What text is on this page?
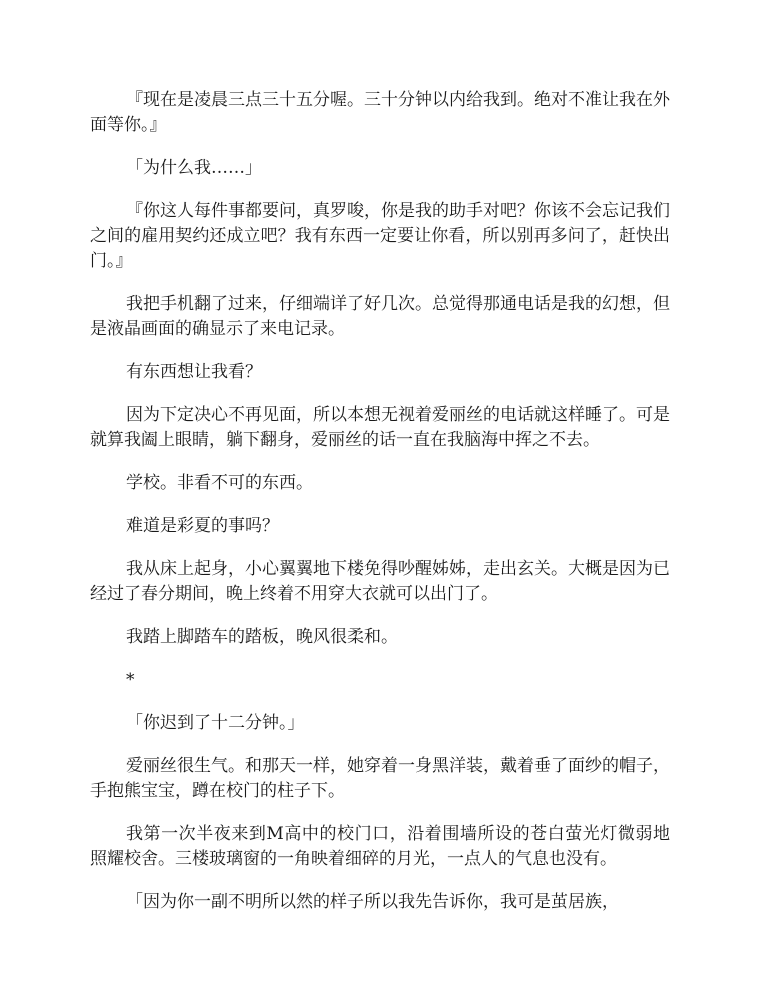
『现在是凌晨三点三十五分喔。三十分钟以内给我到。绝对不准让我在外面等你。』

「为什么我……」

『你这人每件事都要问，真罗唆，你是我的助手对吧？你该不会忘记我们之间的雇用契约还成立吧？我有东西一定要让你看，所以别再多问了，赶快出门。』

我把手机翻了过来，仔细端详了好几次。总觉得那通电话是我的幻想，但是液晶画面的确显示了来电记录。

有东西想让我看？

因为下定决心不再见面，所以本想无视着爱丽丝的电话就这样睡了。可是就算我阖上眼睛，躺下翻身，爱丽丝的话一直在我脑海中挥之不去。

学校。非看不可的东西。

难道是彩夏的事吗？

我从床上起身，小心翼翼地下楼免得吵醒姊姊，走出玄关。大概是因为已经过了春分期间，晚上终着不用穿大衣就可以出门了。

我踏上脚踏车的踏板，晚风很柔和。

*

「你迟到了十二分钟。」

爱丽丝很生气。和那天一样，她穿着一身黑洋装，戴着垂了面纱的帽子，手抱熊宝宝，蹲在校门的柱子下。

我第一次半夜来到M高中的校门口，沿着围墙所设的苍白萤光灯微弱地照耀校舍。三楼玻璃窗的一角映着细碎的月光，一点人的气息也没有。

「因为你一副不明所以然的样子所以我先告诉你，我可是茧居族，
